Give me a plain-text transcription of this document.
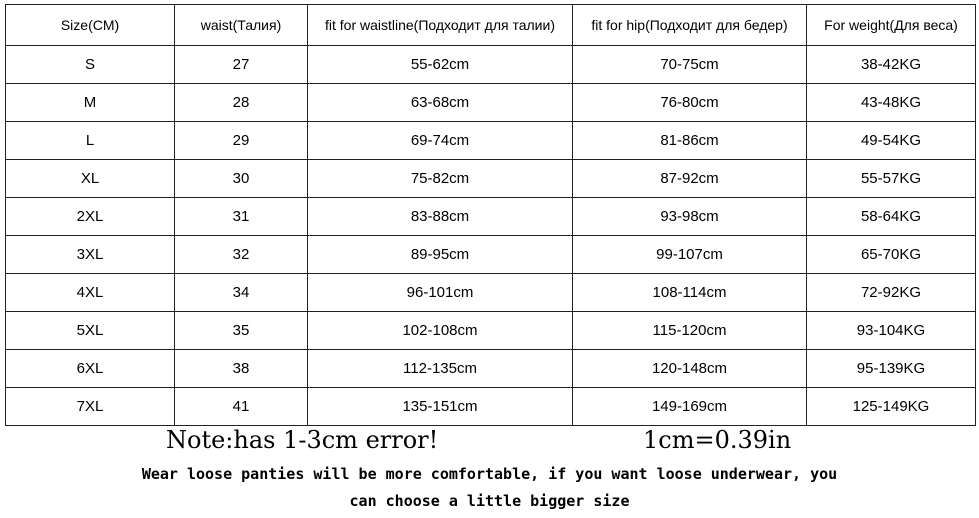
Size(CM)	waist(Талия)	fit for waistline(Подходит для талии)	fit for hip(Подходит для бедер)	For weight(Для веса)
S	27	55-62cm	70-75cm	38-42KG
M	28	63-68cm	76-80cm	43-48KG
L	29	69-74cm	81-86cm	49-54KG
XL	30	75-82cm	87-92cm	55-57KG
2XL	31	83-88cm	93-98cm	58-64KG
3XL	32	89-95cm	99-107cm	65-70KG
4XL	34	96-101cm	108-114cm	72-92KG
5XL	35	102-108cm	115-120cm	93-104KG
6XL	38	112-135cm	120-148cm	95-139KG
7XL	41	135-151cm	149-169cm	125-149KG
Note:has 1-3cm error!	1cm=0.39in
Wear loose panties will be more comfortable, if you want loose underwear, you
can choose a little bigger size
